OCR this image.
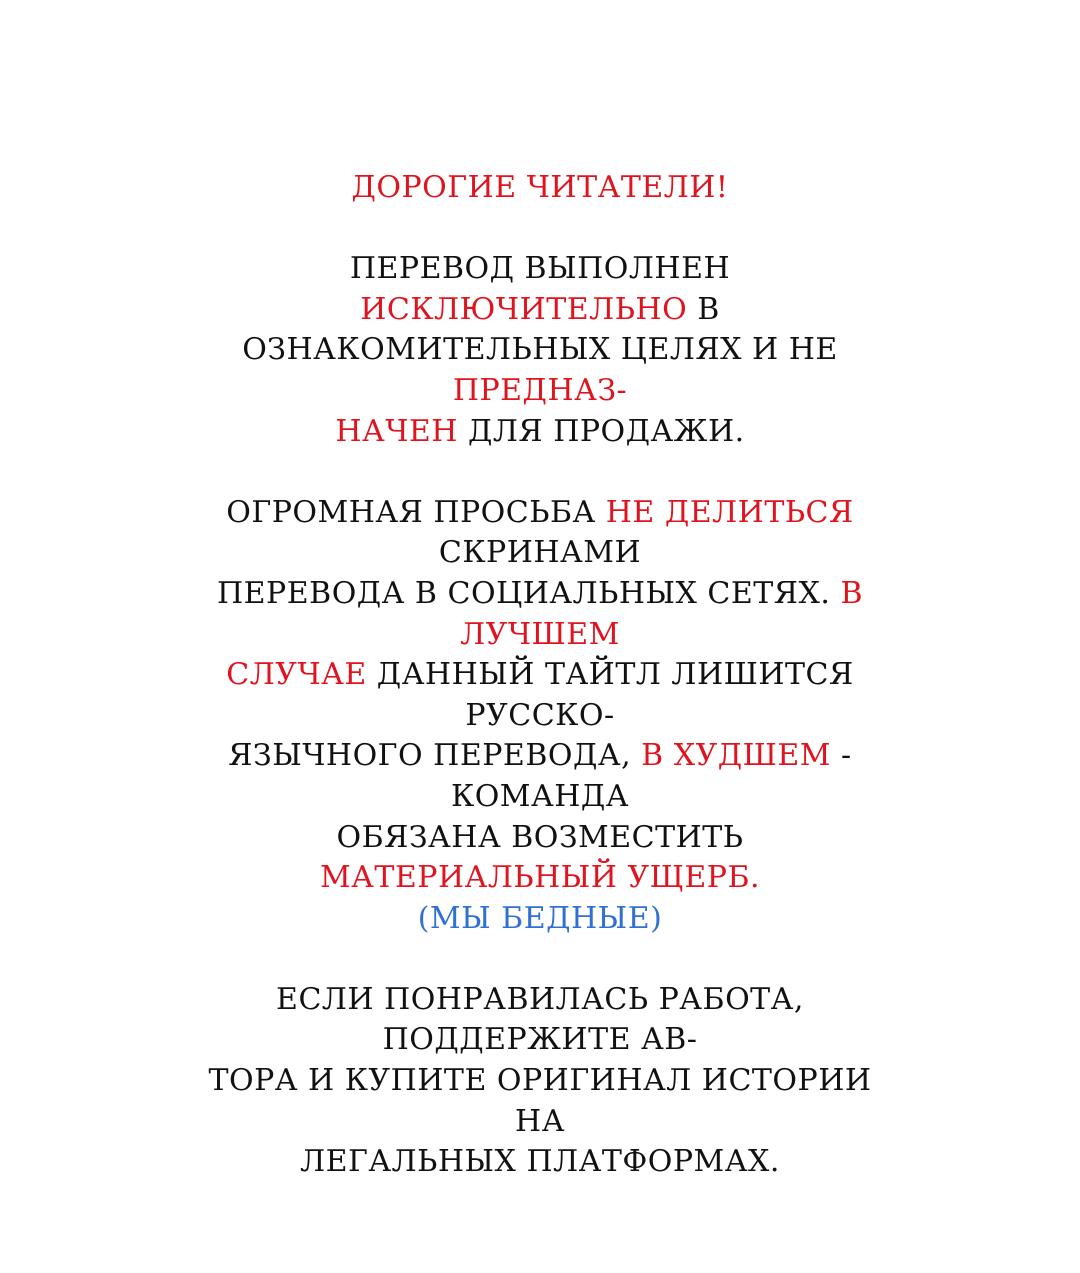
ДОРОГИЕ ЧИТАТЕЛИ!

ПЕРЕВОД ВЫПОЛНЕН ИСКЛЮЧИТЕЛЬНО В
ОЗНАКОМИТЕЛЬНЫХ ЦЕЛЯХ И НЕ ПРЕДНАЗ-
НАЧЕН ДЛЯ ПРОДАЖИ.

ОГРОМНАЯ ПРОСЬБА НЕ ДЕЛИТЬСЯ СКРИНАМИ
ПЕРЕВОДА В СОЦИАЛЬНЫХ СЕТЯХ. В ЛУЧШЕМ
СЛУЧАЕ ДАННЫЙ ТАЙТЛ ЛИШИТСЯ РУССКО-
ЯЗЫЧНОГО ПЕРЕВОДА, В ХУДШЕМ - КОМАНДА
ОБЯЗАНА ВОЗМЕСТИТЬ МАТЕРИАЛЬНЫЙ УЩЕРБ.
(МЫ БЕДНЫЕ)

ЕСЛИ ПОНРАВИЛАСЬ РАБОТА, ПОДДЕРЖИТЕ АВ-
ТОРА И КУПИТЕ ОРИГИНАЛ ИСТОРИИ НА
ЛЕГАЛЬНЫХ ПЛАТФОРМАХ.
